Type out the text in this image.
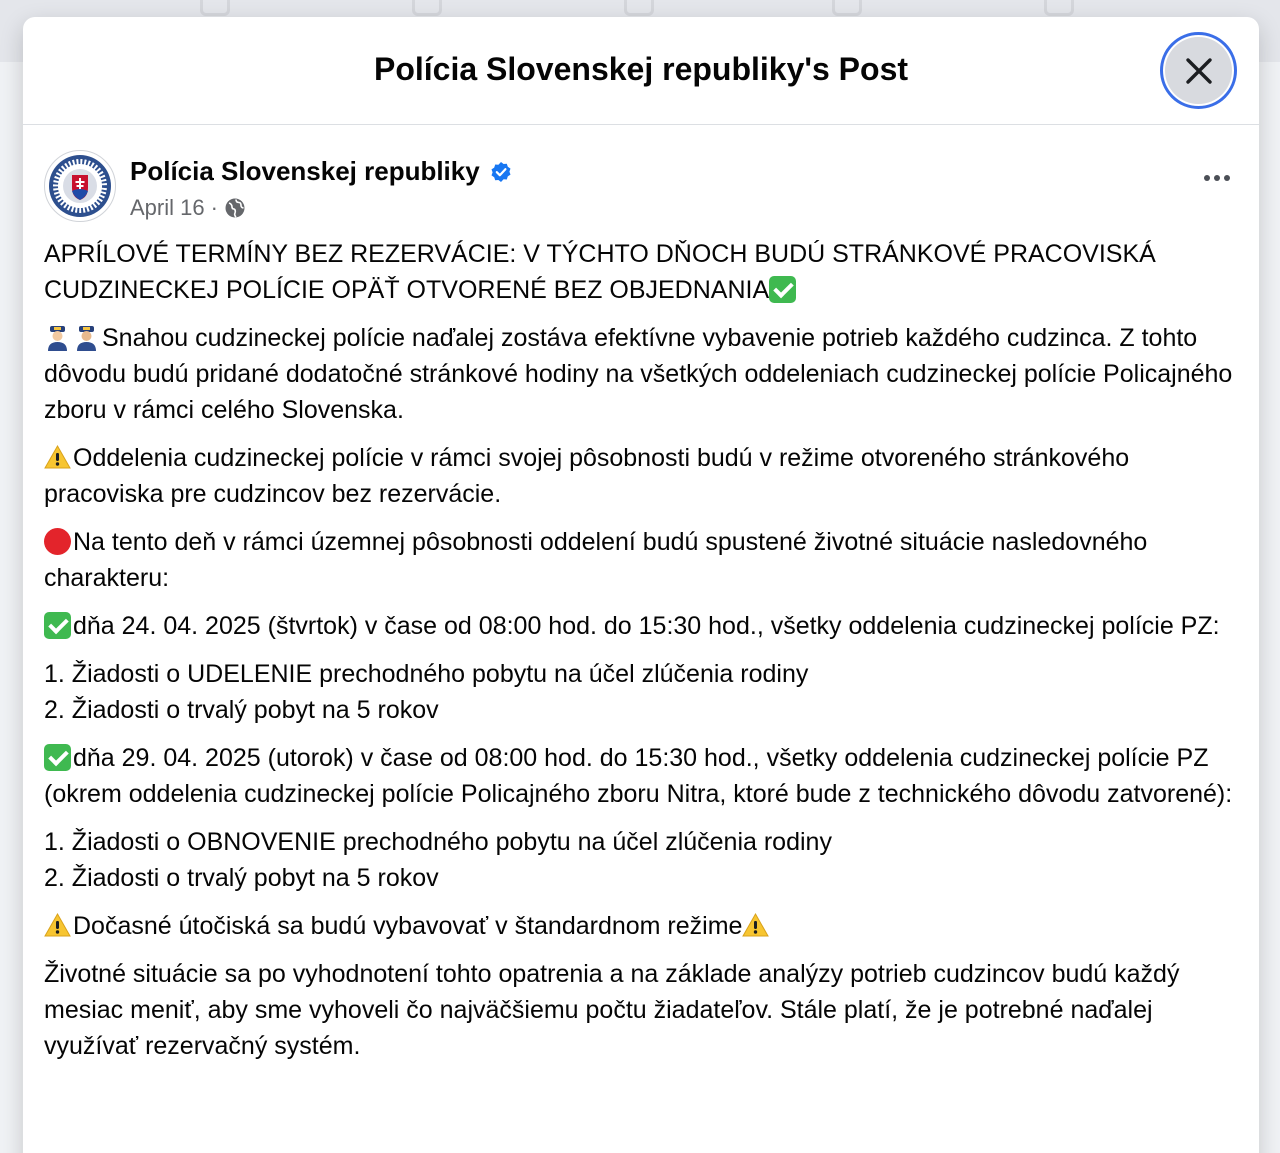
Polícia Slovenskej republiky's Post
Polícia Slovenskej republiky
April 16 ·

APRÍLOVÉ TERMÍNY BEZ REZERVÁCIE: V TÝCHTO DŇOCH BUDÚ STRÁNKOVÉ PRACOVISKÁ CUDZINECKEJ POLÍCIE OPÄŤ OTVORENÉ BEZ OBJEDNANIA

Snahou cudzineckej polície naďalej zostáva efektívne vybavenie potrieb každého cudzinca. Z tohto dôvodu budú pridané dodatočné stránkové hodiny na všetkých oddeleniach cudzineckej polície Policajného zboru v rámci celého Slovenska.

Oddelenia cudzineckej polície v rámci svojej pôsobnosti budú v režime otvoreného stránkového pracoviska pre cudzincov bez rezervácie.

Na tento deň v rámci územnej pôsobnosti oddelení budú spustené životné situácie nasledovného charakteru:

dňa 24. 04. 2025 (štvrtok) v čase od 08:00 hod. do 15:30 hod., všetky oddelenia cudzineckej polície PZ:

1. Žiadosti o UDELENIE prechodného pobytu na účel zlúčenia rodiny
2. Žiadosti o trvalý pobyt na 5 rokov

dňa 29. 04. 2025 (utorok) v čase od 08:00 hod. do 15:30 hod., všetky oddelenia cudzineckej polície PZ (okrem oddelenia cudzineckej polície Policajného zboru Nitra, ktoré bude z technického dôvodu zatvorené):

1. Žiadosti o OBNOVENIE prechodného pobytu na účel zlúčenia rodiny
2. Žiadosti o trvalý pobyt na 5 rokov

Dočasné útočiská sa budú vybavovať v štandardnom režime

Životné situácie sa po vyhodnotení tohto opatrenia a na základe analýzy potrieb cudzincov budú každý mesiac meniť, aby sme vyhoveli čo najväčšiemu počtu žiadateľov. Stále platí, že je potrebné naďalej využívať rezervačný systém.
